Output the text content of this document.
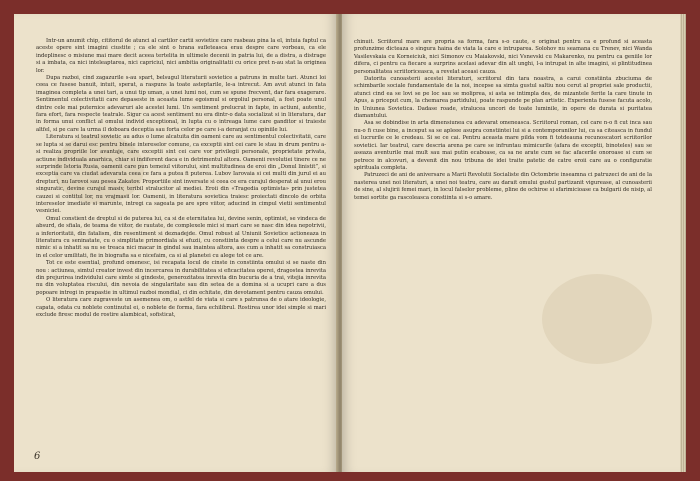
Intr-un anumit chip, cititorul de atunci al cartilor cartii sovietice care rasbeau pina la el, intuia faptul ca aceste opere sint imagini ciustite ; ca ele sint o hrana sufleteasca erau despre care vorbeau, ca ele indeplinesc o misiune mai mare decit aceea tertelita in ultimele decenii in patria lui, de a distra, a distrage si a imbata, ca nici inteleaptarea, nici capriciul, nici ambitia originalitatii cu orice pret n-au stat la originea lor.

Dupa razboi, cind zagazurile s-au spart, belsugul literaturii sovietice a patruns in multe tari. Atunci loi ceea ce fusese banuit, intuit, sperat, a raspuns la toate asteptarile, le-a intrecut. Am avut atunci in fata imaginea completa a unei tari, a unui tip uman, a unei lumi noi, cum se spune frecvent, dar fara exagerare. Sentimentul colectivitatii care depaseste in aceasta lume egoismul si orgoliul personal, a fost poate unul dintre cele mai puternice adevaruri ale acestei lumi. Un sentiment prelucrat in fapte, in actiuni, autentic, fara efort, fara respecte teatrale. Sigur ca acest sentiment nu era dintr-o data socializat si in literatura, dar in forma unui conflict al omului individ exceptional, in lupta cu o intreaga lume care ganditor si traieste altfel, si pe care la urma il doboara deceptia sau forta celor pe care i-a deranjat cu opiniile lui.

Literatura si teatrul sovietic au adus o lume alcatuita din oameni care au sentimentul colectivitatii, care se lupta si se darui esc pentru binele intereselor comune, ca exceptii sint cei care le stau in drum pentru a-si realiza propriile lor avantaje, care exceptii sint cei care vor privilegii personale, proprietate privata, actiune individuala anarhica, chiar si indiferent daca e in detrimentul altora. Oamenii revolutiei tinere ce ne surprinde Istoria Rusia, oamenii care pun temeiul viitorului, sint multitudinea de eroi din „Donul linistit”, si exceptia care va ciudat adevarata ceea ce fara a putea fi puterea. Lubov Iarovaia si cei multi din jurul ei au drepturi, nu Iarovoi sau pesea Zakatov. Proportiile sint inversate si ceea ce era curajul desperat al unui erou singuratic, devine curajul masiv, teribil stralucitor al mediei. Eroii din «Tragedia optimista» prin justetea cauzei si contitul lor, nu vrajmasii lor. Oamenii, in literatura sovietica traiesc proiectati dincolo de orbita intereselor imediate si marunte, intregi ca sageata pe are spre viitor, aducind in cimpul vietii sentimentul vesniciei.

Omul constient de dreptul si de puterea lui, ca si de eternitatea lui, devine senin, optimist, se vindeca de absurd, de sfiala, de teama de viitor, de rautate, de complexele mici si mari care se nasc din idea nepotrivii, a inferioritatii, din fatalism, din resentiment si deznadejde. Omul robust al Uniunii Sovietice actioneaza in literatura cu seninatate, cu o simplitate primordiala si efuzii, cu constiinta despre a celui care nu ascunde nimic si a inhatit sa nu se treaca nici macar in gindul sau inaintea altora, ass cum a inhatit sa construiasca in el celor umilitati, fie in biografia sa e nicefaim, ca si al planetei cu alege tot ce are.

Tot ce este esential, profund omenesc, isi recapata locul de cinste in constiinta omului si se naste din nou : actiunea, simtul creator invest din incercarea in durabilitatea si eficacitatea operei, dragostea inrevita din prejurirea individului care simte si gindeste, generozitatea inrevita din bucuria de a trai, vitejia inrevita nu din voluptatea riscului, din nevoia de singularitate sau din setea de a domina si a ucupri care a dus popoare intregi in prapastie in ultimul razboi mondial, ci din echitate, din devotament pentru cauza omului.

O literatura care zugraveste un asemenea om, o astfel de viata si care s patrunsa de o atare ideologie, capata, odata cu noblete continutul ei, o noblete de forma, fara echilibrul. Rostirea unor idei simple si mari exclude firesc modul de rostire alambicat, sofisticat,

6

chinuit. Scriitorul mare are propria sa forma, fara s-o caute, e originat pentru ca e profund si aceasta profunzime dicteaza o singura haina de viata la care e intruparea. Solohov nu seamana cu Trenev, nici Wanda Vasilevskaia cu Korneiciuk, nici Simonov cu Maiakovski, nici Vsnevski cu Makarenko, nu pentru ca geniile lor difera, ci pentru ca fiecare a surprins acelasi adevar din alt unghi, l-a intrupat in alte imagini, si plintitudinea personalitatea scriitoriceasca, a revelat aceasi cauza.

Datorita cunoasterii acestei literaturi, scriitorul din tara noastra, a carui constiinta zbuciuma de schimbarile sociale fundamentale de la noi, incepse sa simta gustul saltiu nou cerut al propriei sale productii, atunci cind ea se lovi se pe loc sau se moliprea, si asta se intimpla des, de mizantele ferite la care tinute in Apus, a priceput cum, la chemarea partidului, poate raspunde pe plan artistic. Experienta fusese facuta acolo, in Uniunea Sovietica. Dadase roade, stralucea uncori de toate luminile, in opere de durata si puritatea diamantului.

Asa se dobindise in arta dimensiunea cu adevarat omeneasca. Scriitorul roman, cel care n-o fi cut inca sau nu-o fi cuse bine, a inceput sa se apleee asupra constiintei lui si a contemporanilor lui, ca sa citeasca in fundul ei lucrurile ce le credeau. Si se ce cai. Pentru aceasta mare pilda vom fi totdeauna recunoscatori scriitorilor sovietici. Iar teatrul, care descria arena pe care se infruntau mimicurile (afara de exceptii, binoteles) sau se aseaza aventurile mai mult sau mai putin ecaboase, ca sa ne arate cum se fac afacerile onoroase si cum se petrece in alcovuri, a devenit din nou tribuna de idei traite patetic de catre eroii care au o configuratie spirituala completa.

Patruzeci de ani de aniversare a Marii Revolutii Socialiste din Octombrie inseamna ci patruzeci de ani de la nasterea unei noi literaturi, a unei noi teatru, care au darait omului gustul partizanit vigurease, al cunoasterii de sine, al slujirii femei mari, in locul falselor probleme, pline de ochiroe si sfarimicioase ca bulgarii de nisip, al temei sortite ga rascoleasca constiinta si s-o amare.
